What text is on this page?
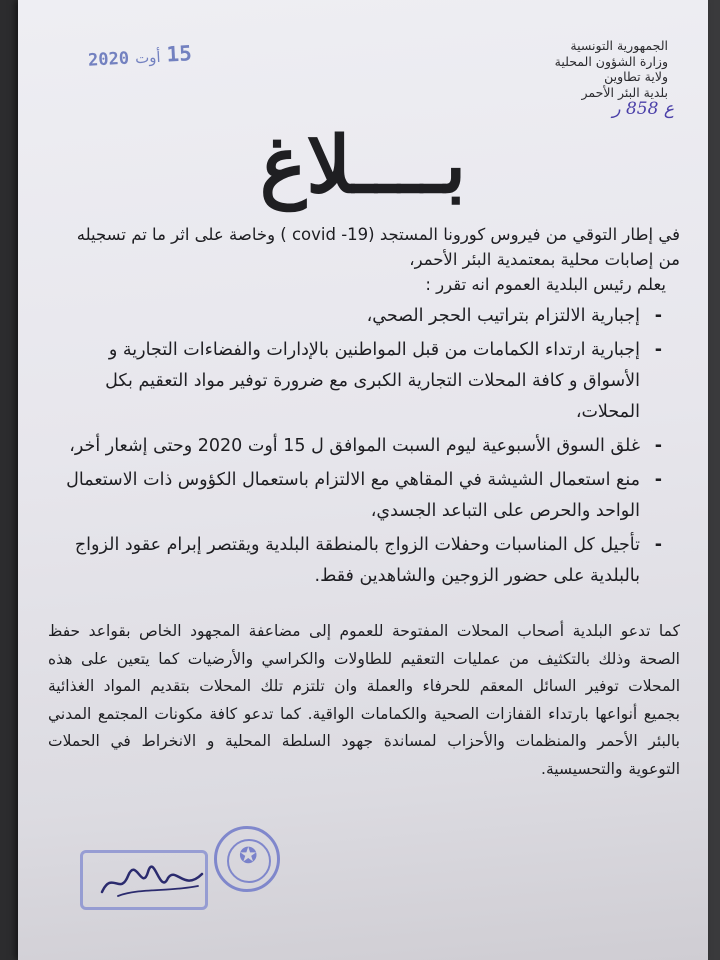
الجمهورية التونسية
وزارة الشؤون المحلية
ولاية تطاوين
بلدية البئر الأحمر
ع 858 ر
15أوت2020
بــــلاغ

في إطار التوقي من فيروس كورونا المستجد (covid -19 ) وخاصة على اثر ما تم تسجيله من إصابات محلية بمعتمدية البئر الأحمر،

يعلم رئيس البلدية العموم انه تقرر :

- إجبارية الالتزام بتراتيب الحجر الصحي،
- إجبارية ارتداء الكمامات من قبل المواطنين بالإدارات والفضاءات التجارية و الأسواق و كافة المحلات التجارية الكبرى مع ضرورة توفير مواد التعقيم بكل المحلات،
- غلق السوق الأسبوعية ليوم السبت الموافق ل 15 أوت 2020 وحتى إشعار أخر،
- منع استعمال الشيشة في المقاهي مع الالتزام باستعمال الكؤوس ذات الاستعمال الواحد والحرص على التباعد الجسدي،
- تأجيل كل المناسبات وحفلات الزواج بالمنطقة البلدية ويقتصر إبرام عقود الزواج بالبلدية على حضور الزوجين والشاهدين فقط.

كما تدعو البلدية أصحاب المحلات المفتوحة للعموم إلى مضاعفة المجهود الخاص بقواعد حفظ الصحة وذلك بالتكثيف من عمليات التعقيم للطاولات والكراسي والأرضيات كما يتعين على هذه المحلات توفير السائل المعقم للحرفاء والعملة وان تلتزم تلك المحلات بتقديم المواد الغذائية بجميع أنواعها بارتداء القفازات الصحية والكمامات الواقية. كما تدعو كافة مكونات المجتمع المدني بالبئر الأحمر والمنظمات والأحزاب لمساندة جهود السلطة المحلية و الانخراط في الحملات التوعوية والتحسيسية.

✪
